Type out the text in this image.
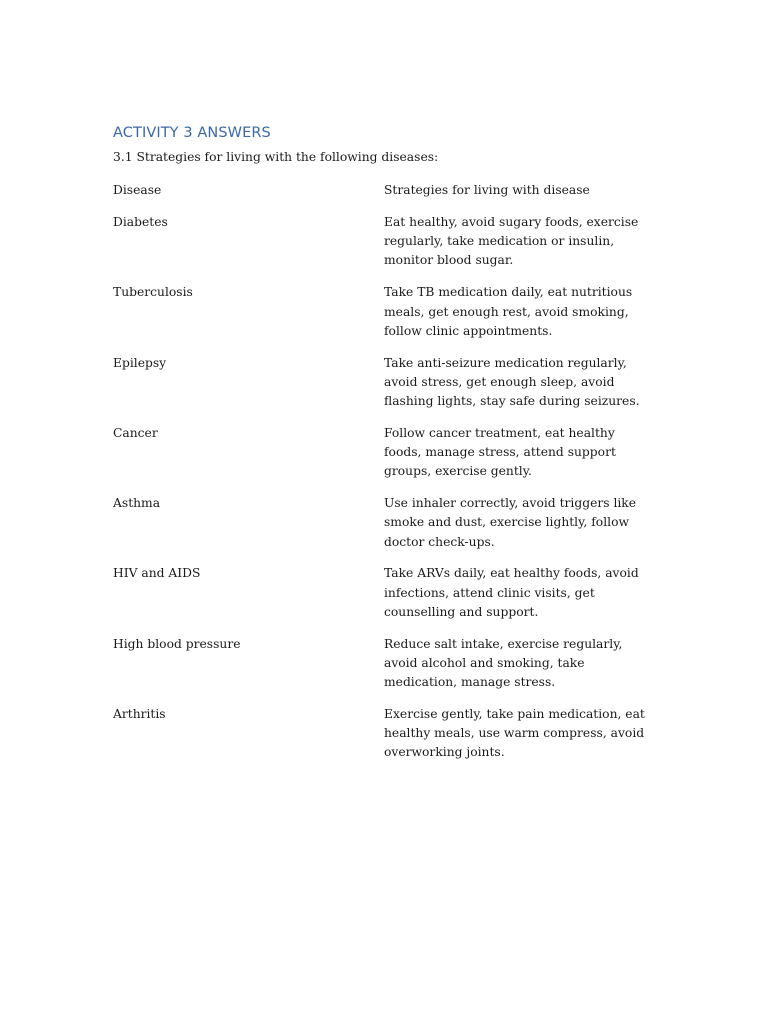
ACTIVITY 3 ANSWERS
3.1 Strategies for living with the following diseases:
Disease	Strategies for living with disease
Diabetes	Eat healthy, avoid sugary foods, exercise regularly, take medication or insulin, monitor blood sugar.
Tuberculosis	Take TB medication daily, eat nutritious meals, get enough rest, avoid smoking, follow clinic appointments.
Epilepsy	Take anti-seizure medication regularly, avoid stress, get enough sleep, avoid flashing lights, stay safe during seizures.
Cancer	Follow cancer treatment, eat healthy foods, manage stress, attend support groups, exercise gently.
Asthma	Use inhaler correctly, avoid triggers like smoke and dust, exercise lightly, follow doctor check-ups.
HIV and AIDS	Take ARVs daily, eat healthy foods, avoid infections, attend clinic visits, get counselling and support.
High blood pressure	Reduce salt intake, exercise regularly, avoid alcohol and smoking, take medication, manage stress.
Arthritis	Exercise gently, take pain medication, eat healthy meals, use warm compress, avoid overworking joints.
